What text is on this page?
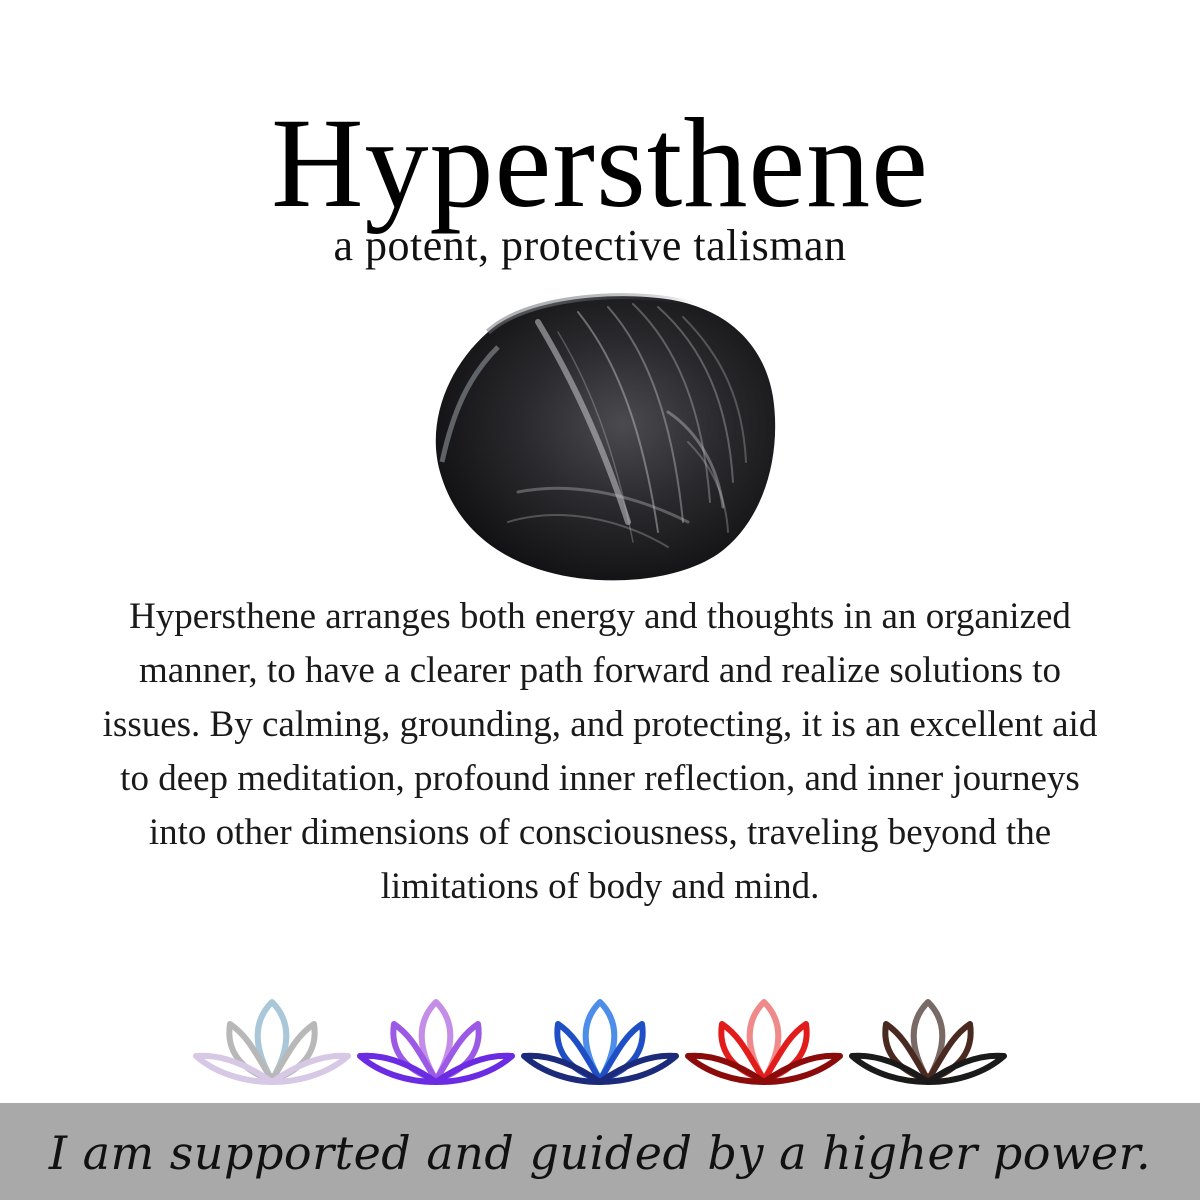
Hypersthene
a potent, protective talisman

Hypersthene arranges both energy and thoughts in an organized manner, to have a clearer path forward and realize solutions to issues. By calming, grounding, and protecting, it is an excellent aid to deep meditation, profound inner reflection, and inner journeys into other dimensions of consciousness, traveling beyond the limitations of body and mind.

I am supported and guided by a higher power.
